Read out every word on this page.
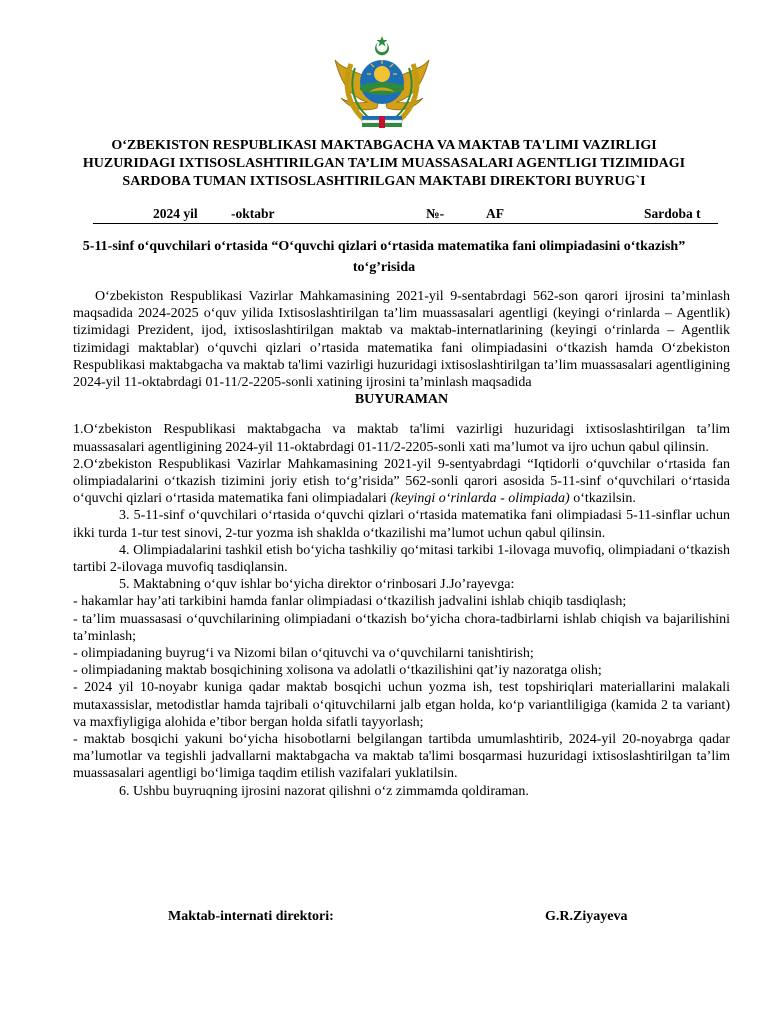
O‘ZBEKISTON RESPUBLIKASI MAKTABGACHA VA MAKTAB TA'LIMI VAZIRLIGI
HUZURIDAGI IXTISOSLASHTIRILGAN TA’LIM MUASSASALARI AGENTLIGI TIZIMIDAGI
SARDOBA TUMAN IXTISOSLASHTIRILGAN MAKTABI DIREKTORI BUYRUG`I
2024 yil -oktabr	№-	AF	Sardoba t
5-11-sinf o‘quvchilari o‘rtasida “O‘quvchi qizlari o‘rtasida matematika fani olimpiadasini o‘tkazish”
to‘g’risida

O‘zbekiston Respublikasi Vazirlar Mahkamasining 2021-yil 9-sentabrdagi 562-son qarori ijrosini ta’minlash maqsadida 2024-2025 o‘quv yilida Ixtisoslashtirilgan ta’lim muassasalari agentligi (keyingi o‘rinlarda – Agentlik) tizimidagi Prezident, ijod, ixtisoslashtirilgan maktab va maktab-internatlarining (keyingi o‘rinlarda – Agentlik tizimidagi maktablar) o‘quvchi qizlari o’rtasida matematika fani olimpiadasini o‘tkazish hamda O‘zbekiston Respublikasi maktabgacha va maktab ta'limi vazirligi huzuridagi ixtisoslashtirilgan ta’lim muassasalari agentligining 2024-yil 11-oktabrdagi 01-11/2-2205-sonli xatining ijrosini ta’minlash maqsadida

BUYURAMAN

1.O‘zbekiston Respublikasi maktabgacha va maktab ta'limi vazirligi huzuridagi ixtisoslashtirilgan ta’lim muassasalari agentligining 2024-yil 11-oktabrdagi 01-11/2-2205-sonli xati ma’lumot va ijro uchun qabul qilinsin.

2.O‘zbekiston Respublikasi Vazirlar Mahkamasining 2021-yil 9-sentyabrdagi “Iqtidorli o‘quvchilar o‘rtasida fan olimpiadalarini o‘tkazish tizimini joriy etish to‘g’risida” 562-sonli qarori asosida 5-11-sinf o‘quvchilari o‘rtasida o‘quvchi qizlari o‘rtasida matematika fani olimpiadalari (keyingi o‘rinlarda - olimpiada) o‘tkazilsin.

3. 5-11-sinf o‘quvchilari o‘rtasida o‘quvchi qizlari o‘rtasida matematika fani olimpiadasi 5-11-sinflar uchun ikki turda 1-tur test sinovi, 2-tur yozma ish shaklda o‘tkazilishi ma’lumot uchun qabul qilinsin.

4. Olimpiadalarini tashkil etish bo‘yicha tashkiliy qo‘mitasi tarkibi 1-ilovaga muvofiq, olimpiadani o‘tkazish tartibi 2-ilovaga muvofiq tasdiqlansin.

5. Maktabning o‘quv ishlar bo‘yicha direktor o‘rinbosari J.Jo’rayevga:

- hakamlar hay’ati tarkibini hamda fanlar olimpiadasi o‘tkazilish jadvalini ishlab chiqib tasdiqlash;

- ta’lim muassasasi o‘quvchilarining olimpiadani o‘tkazish bo‘yicha chora-tadbirlarni ishlab chiqish va bajarilishini ta’minlash;

- olimpiadaning buyrug‘i va Nizomi bilan o‘qituvchi va o‘quvchilarni tanishtirish;

- olimpiadaning maktab bosqichining xolisona va adolatli o‘tkazilishini qat’iy nazoratga olish;

- 2024 yil 10-noyabr kuniga qadar maktab bosqichi uchun yozma ish, test topshiriqlari materiallarini malakali mutaxassislar, metodistlar hamda tajribali o‘qituvchilarni jalb etgan holda, ko‘p variantliligiga (kamida 2 ta variant) va maxfiyligiga alohida e’tibor bergan holda sifatli tayyorlash;

- maktab bosqichi yakuni bo‘yicha hisobotlarni belgilangan tartibda umumlashtirib, 2024-yil 20-noyabrga qadar ma’lumotlar va tegishli jadvallarni maktabgacha va maktab ta'limi bosqarmasi huzuridagi ixtisoslashtirilgan ta’lim muassasalari agentligi bo‘limiga taqdim etilish vazifalari yuklatilsin.

6. Ushbu buyruqning ijrosini nazorat qilishni o‘z zimmamda qoldiraman.

Maktab-internati direktori:	G.R.Ziyayeva
